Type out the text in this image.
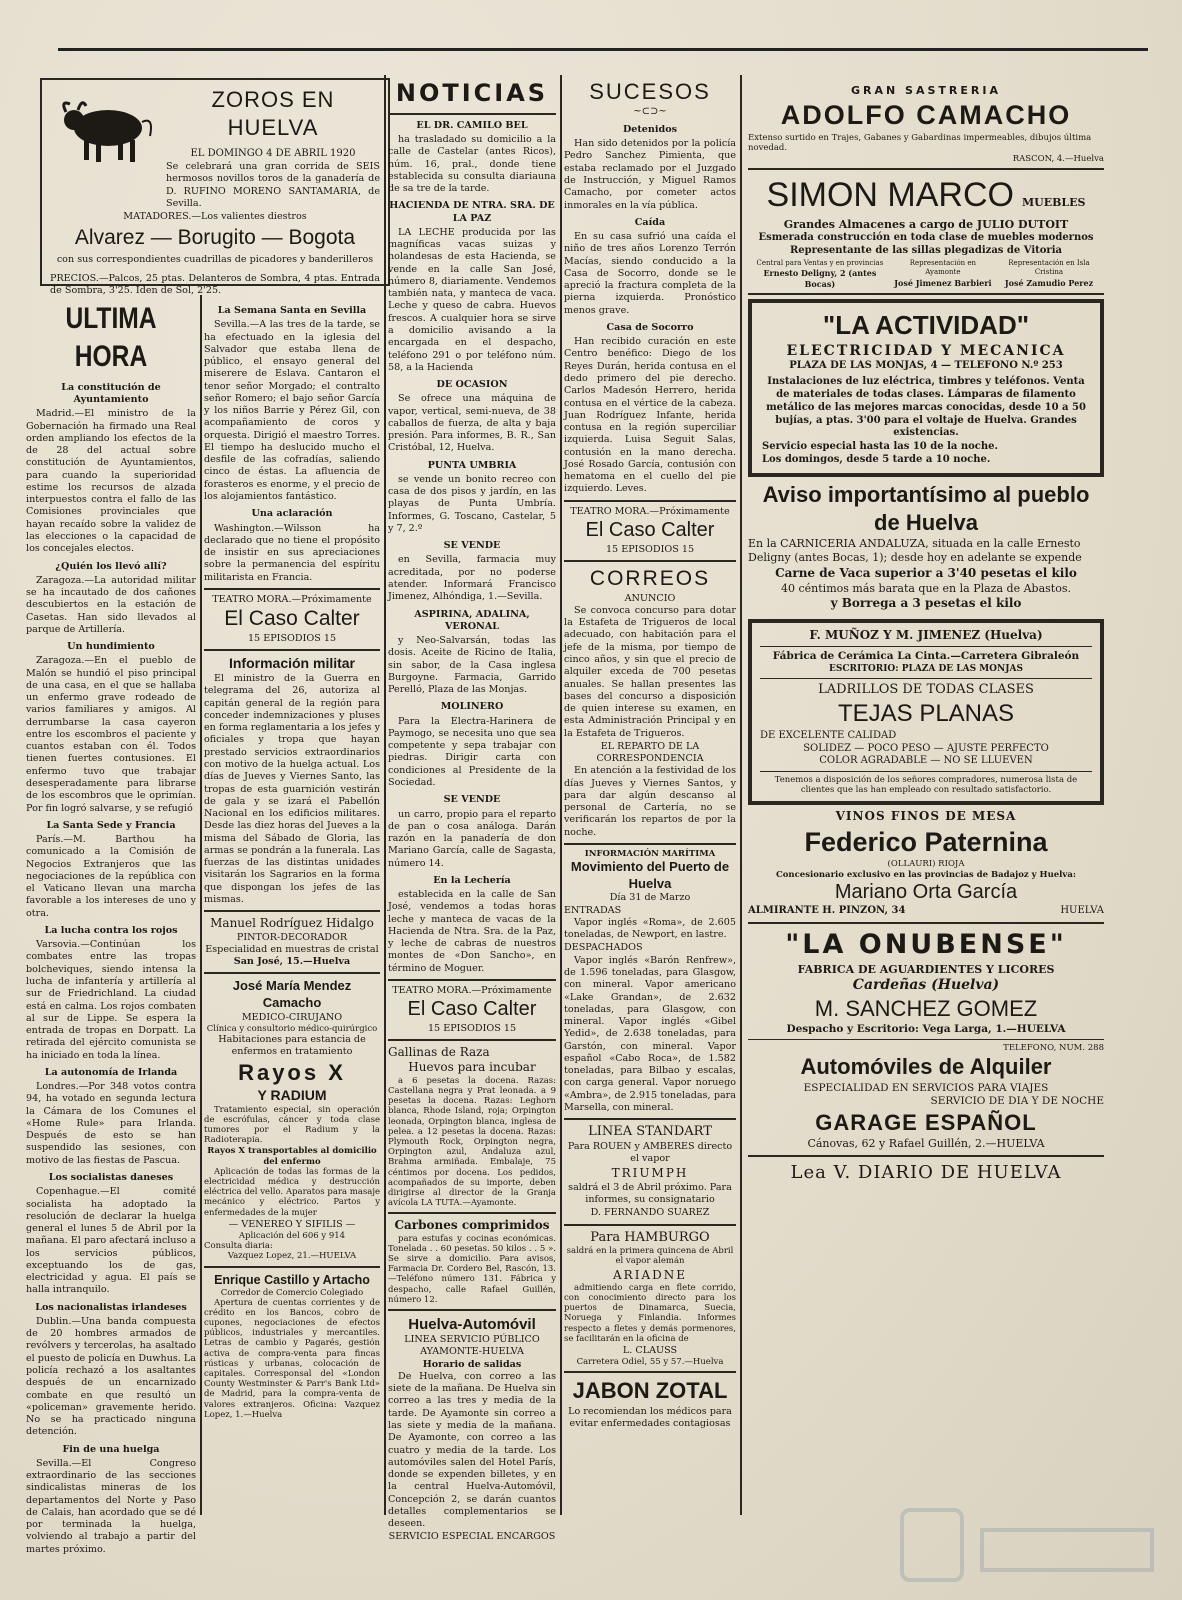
ZOROS EN HUELVA
EL DOMINGO 4 DE ABRIL 1920

Se celebrará una gran corrida de SEIS hermosos novillos toros de la ganadería de D. RUFINO MORENO SANTAMARIA, de Sevilla.

MATADORES.—Los valientes diestros
Alvarez — Borugito — Bogota
con sus correspondientes cuadrillas de picadores y banderilleros

PRECIOS.—Palcos, 25 ptas. Delanteros de Sombra, 4 ptas. Entrada de Sombra, 3'25. Iden de Sol, 2'25.

ULTIMA HORA
La constitución de Ayuntamiento

Madrid.—El ministro de la Gobernación ha firmado una Real orden ampliando los efectos de la de 28 del actual sobre constitución de Ayuntamientos, para cuando la superioridad estime los recursos de alzada interpuestos contra el fallo de las Comisiones provinciales que hayan recaído sobre la validez de las elecciones o la capacidad de los concejales electos.

¿Quién los llevó allí?

Zaragoza.—La autoridad militar se ha incautado de dos cañones descubiertos en la estación de Casetas. Han sido llevados al parque de Artillería.

Un hundimiento

Zaragoza.—En el pueblo de Malón se hundió el piso principal de una casa, en el que se hallaba un enfermo grave rodeado de varios familiares y amigos. Al derrumbarse la casa cayeron entre los escombros el paciente y cuantos estaban con él. Todos tienen fuertes contusiones. El enfermo tuvo que trabajar desesperadamente para librarse de los escombros que le oprimían. Por fin logró salvarse, y se refugió

La Santa Sede y Francia

París.—M. Barthou ha comunicado a la Comisión de Negocios Extranjeros que las negociaciones de la república con el Vaticano llevan una marcha favorable a los intereses de uno y otra.

La lucha contra los rojos

Varsovia.—Continúan los combates entre las tropas bolcheviques, siendo intensa la lucha de infantería y artillería al sur de Friedrichland. La ciudad está en calma. Los rojos combaten al sur de Lippe. Se espera la entrada de tropas en Dorpatt. La retirada del ejército comunista se ha iniciado en toda la línea.

La autonomía de Irlanda

Londres.—Por 348 votos contra 94, ha votado en segunda lectura la Cámara de los Comunes el «Home Rule» para Irlanda. Después de esto se han suspendido las sesiones, con motivo de las fiestas de Pascua.

Los socialistas daneses

Copenhague.—El comité socialista ha adoptado la resolución de declarar la huelga general el lunes 5 de Abril por la mañana. El paro afectará incluso a los servicios públicos, exceptuando los de gas, electricidad y agua. El país se halla intranquilo.

Los nacionalistas irlandeses

Dublin.—Una banda compuesta de 20 hombres armados de revólvers y tercerolas, ha asaltado el puesto de policía en Duwhus. La policía rechazó a los asaltantes después de un encarnizado combate en que resultó un «policeman» gravemente herido. No se ha practicado ninguna detención.

Fin de una huelga

Sevilla.—El Congreso extraordinario de las secciones sindicalistas mineras de los departamentos del Norte y Paso de Calais, han acordado que se dé por terminada la huelga, volviendo al trabajo a partir del martes próximo.

La Semana Santa en Sevilla

Sevilla.—A las tres de la tarde, se ha efectuado en la iglesia del Salvador que estaba llena de público, el ensayo general del miserere de Eslava. Cantaron el tenor señor Morgado; el contralto señor Romero; el bajo señor García y los niños Barrie y Pérez Gil, con acompañamiento de coros y orquesta. Dirigió el maestro Torres. El tiempo ha deslucido mucho el desfile de las cofradías, saliendo cinco de éstas. La afluencia de forasteros es enorme, y el precio de los alojamientos fantástico.

Una aclaración

Washington.—Wilsson ha declarado que no tiene el propósito de insistir en sus apreciaciones sobre la permanencia del espíritu militarista en Francia.

TEATRO MORA.—Próximamente
El Caso Calter
15 EPISODIOS 15
Información militar

El ministro de la Guerra en telegrama del 26, autoriza al capitán general de la región para conceder indemnizaciones y pluses en forma reglamentaria a los jefes y oficiales y tropa que hayan prestado servicios extraordinarios con motivo de la huelga actual. Los días de Jueves y Viernes Santo, las tropas de esta guarnición vestirán de gala y se izará el Pabellón Nacional en los edificios militares. Desde las diez horas del Jueves a la misma del Sábado de Gloria, las armas se pondrán a la funerala. Las fuerzas de las distintas unidades visitarán los Sagrarios en la forma que dispongan los jefes de las mismas.

Manuel Rodríguez Hidalgo
PINTOR-DECORADOR
Especialidad en muestras de cristal
San José, 15.—Huelva
José María Mendez Camacho
MEDICO-CIRUJANO
Clínica y consultorio médico-quirúrgico
Habitaciones para estancia de enfermos en tratamiento
Rayos X
Y RADIUM

Tratamiento especial, sin operación de escrófulas, cáncer y toda clase tumores por el Radium y la Radioterapia.

Rayos X transportables al domicilio del enfermo

Aplicación de todas las formas de la electricidad médica y destrucción eléctrica del vello. Aparatos para masaje mecánico y eléctrico. Partos y enfermedades de la mujer

— VENEREO Y SIFILIS —
Aplicación del 606 y 914
Consulta diaria:
Vazquez Lopez, 21.—HUELVA
Enrique Castillo y Artacho
Corredor de Comercio Colegiado

Apertura de cuentas corrientes y de crédito en los Bancos, cobro de cupones, negociaciones de efectos públicos, industriales y mercantiles. Letras de cambio y Pagarés, gestión activa de compra-venta para fincas rústicas y urbanas, colocación de capitales. Corresponsal del «London County Westminster & Parr's Bank Ltd» de Madrid, para la compra-venta de valores extranjeros. Oficina: Vazquez Lopez, 1.—Huelva

NOTICIAS
EL DR. CAMILO BEL

ha trasladado su domicilio a la calle de Castelar (antes Ricos), núm. 16, pral., donde tiene establecida su consulta diariauna de sa tre de la tarde.

HACIENDA DE NTRA. SRA. DE LA PAZ

LA LECHE producida por las magníficas vacas suizas y holandesas de esta Hacienda, se vende en la calle San José, número 8, diariamente. Vendemos también nata, y manteca de vaca. Leche y queso de cabra. Huevos frescos. A cualquier hora se sirve a domicilio avisando a la encargada en el despacho, teléfono 291 o por teléfono núm. 58, a la Hacienda

DE OCASION

Se ofrece una máquina de vapor, vertical, semi-nueva, de 38 caballos de fuerza, de alta y baja presión. Para informes, B. R., San Cristóbal, 12, Huelva.

PUNTA UMBRIA

se vende un bonito recreo con casa de dos pisos y jardín, en las playas de Punta Umbría. Informes, G. Toscano, Castelar, 5 y 7, 2.º

SE VENDE

en Sevilla, farmacia muy acreditada, por no poderse atender. Informará Francisco Jimenez, Alhóndiga, 1.—Sevilla.

ASPIRINA, ADALINA, VERONAL

y Neo-Salvarsán, todas las dosis. Aceite de Ricino de Italia, sin sabor, de la Casa inglesa Burgoyne. Farmacia, Garrido Perelló, Plaza de las Monjas.

MOLINERO

Para la Electra-Harinera de Paymogo, se necesita uno que sea competente y sepa trabajar con piedras. Dirigir carta con condiciones al Presidente de la Sociedad.

SE VENDE

un carro, propio para el reparto de pan o cosa análoga. Darán razón en la panadería de don Mariano García, calle de Sagasta, número 14.

En la Lechería

establecida en la calle de San José, vendemos a todas horas leche y manteca de vacas de la Hacienda de Ntra. Sra. de la Paz, y leche de cabras de nuestros montes de «Don Sancho», en término de Moguer.

TEATRO MORA.—Próximamente
El Caso Calter
15 EPISODIOS 15
Gallinas de Raza
Huevos para incubar

a 6 pesetas la docena. Razas: Castellana negra y Prat leonada. a 9 pesetas la docena. Razas: Leghorn blanca, Rhode Island, roja; Orpington leonada, Orpington blanca, inglesa de pelea. a 12 pesetas la docena. Razas: Plymouth Rock, Orpington negra, Orpington azul, Andaluza azul, Brahma armiñada. Embalaje, 75 céntimos por docena. Los pedidos, acompañados de su importe, deben dirigirse al director de la Granja avícola LA TUTA.—Ayamonte.

Carbones comprimidos

para estufas y cocinas económicas. Tonelada . . 60 pesetas. 50 kilos . . 5 ». Se sirve a domicilio. Para avisos, Farmacia Dr. Cordero Bel, Rascón, 13.—Teléfono número 131. Fábrica y despacho, calle Rafael Guillén, número 12.

Huelva-Automóvil
LINEA SERVICIO PÚBLICO AYAMONTE-HUELVA
Horario de salidas

De Huelva, con correo a las siete de la mañana. De Huelva sin correo a las tres y media de la tarde. De Ayamonte sin correo a las siete y media de la mañana. De Ayamonte, con correo a las cuatro y media de la tarde. Los automóviles salen del Hotel París, donde se expenden billetes, y en la central Huelva-Automóvil, Concepción 2, se darán cuantos detalles complementarios se deseen.

SERVICIO ESPECIAL ENCARGOS
SUCESOS
~⊂⊃~
Detenidos

Han sido detenidos por la policía Pedro Sanchez Pimienta, que estaba reclamado por el Juzgado de Instrucción, y Miguel Ramos Camacho, por cometer actos inmorales en la vía pública.

Caída

En su casa sufrió una caída el niño de tres años Lorenzo Terrón Macías, siendo conducido a la Casa de Socorro, donde se le apreció la fractura completa de la pierna izquierda. Pronóstico menos grave.

Casa de Socorro

Han recibido curación en este Centro benéfico: Diego de los Reyes Durán, herida contusa en el dedo primero del pie derecho. Carlos Madesón Herrero, herida contusa en el vértice de la cabeza. Juan Rodríguez Infante, herida contusa en la región superciliar izquierda. Luisa Seguit Salas, contusión en la mano derecha. José Rosado García, contusión con hematoma en el cuello del pie izquierdo. Leves.

TEATRO MORA.—Próximamente
El Caso Calter
15 EPISODIOS 15
CORREOS
ANUNCIO

Se convoca concurso para dotar la Estafeta de Trigueros de local adecuado, con habitación para el jefe de la misma, por tiempo de cinco años, y sin que el precio de alquiler exceda de 700 pesetas anuales. Se hallan presentes las bases del concurso a disposición de quien interese su examen, en esta Administración Principal y en la Estafeta de Trigueros.

EL REPARTO DE LA CORRESPONDENCIA

En atención a la festividad de los días Jueves y Viernes Santos, y para dar algún descanso al personal de Cartería, no se verificarán los repartos de por la noche.

INFORMACIÓN MARÍTIMA
Movimiento del Puerto de Huelva
Día 31 de Marzo
ENTRADAS

Vapor inglés «Roma», de 2.605 toneladas, de Newport, en lastre.

DESPACHADOS

Vapor inglés «Barón Renfrew», de 1.596 toneladas, para Glasgow, con mineral. Vapor americano «Lake Grandan», de 2.632 toneladas, para Glasgow, con mineral. Vapor inglés «Gibel Yedid», de 2.638 toneladas, para Garstón, con mineral. Vapor español «Cabo Roca», de 1.582 toneladas, para Bilbao y escalas, con carga general. Vapor noruego «Ambra», de 2.915 toneladas, para Marsella, con mineral.

LINEA STANDART

Para ROUEN y AMBERES directo el vapor

TRIUMPH

saldrá el 3 de Abril próximo. Para informes, su consignatario

D. FERNANDO SUAREZ
Para HAMBURGO

saldrá en la primera quincena de Abril el vapor alemán

ARIADNE

admitiendo carga en flete corrido, con conocimiento directo para los puertos de Dinamarca, Suecia, Noruega y Finlandia. Informes respecto a fletes y demás pormenores, se facilitarán en la oficina de

L. CLAUSS
Carretera Odiel, 55 y 57.—Huelva
JABON ZOTAL

Lo recomiendan los médicos para evitar enfermedades contagiosas

GRAN SASTRERIA
ADOLFO CAMACHO

Extenso surtido en Trajes, Gabanes y Gabardinas impermeables, dibujos última novedad.

RASCON, 4.—Huelva
SIMON MARCO MUEBLES
Grandes Almacenes a cargo de JULIO DUTOIT
Esmerada construcción en toda clase de muebles modernos
Representante de las sillas plegadizas de Vitoria
Central para Ventas y en provincias
Ernesto Deligny, 2 (antes Bocas)
Representación en Ayamonte
José Jimenez Barbieri
Representación en Isla Cristina
José Zamudio Perez
"LA ACTIVIDAD"
ELECTRICIDAD Y MECANICA
PLAZA DE LAS MONJAS, 4 — TELEFONO N.º 253

Instalaciones de luz eléctrica, timbres y teléfonos. Venta de materiales de todas clases. Lámparas de filamento metálico de las mejores marcas conocidas, desde 10 a 50 bujías, a ptas. 3'00 para el voltaje de Huelva. Grandes existencias.

Servicio especial hasta las 10 de la noche.
Los domingos, desde 5 tarde a 10 noche.
Aviso importantísimo al pueblo de Huelva

En la CARNICERIA ANDALUZA, situada en la calle Ernesto Deligny (antes Bocas, 1); desde hoy en adelante se expende

Carne de Vaca superior a 3'40 pesetas el kilo
40 céntimos más barata que en la Plaza de Abastos.
y Borrega a 3 pesetas el kilo
F. MUÑOZ Y M. JIMENEZ (Huelva)
Fábrica de Cerámica La Cinta.—Carretera Gibraleón
ESCRITORIO: PLAZA DE LAS MONJAS
LADRILLOS DE TODAS CLASES
TEJAS PLANAS
DE EXCELENTE CALIDAD
SOLIDEZ — POCO PESO — AJUSTE PERFECTO
COLOR AGRADABLE — NO SE LLUEVEN

Tenemos a disposición de los señores compradores, numerosa lista de clientes que las han empleado con resultado satisfactorio.

VINOS FINOS DE MESA
Federico Paternina
(OLLAURI) RIOJA
Concesionario exclusivo en las provincias de Badajoz y Huelva:
Mariano Orta García
ALMIRANTE H. PINZON, 34	HUELVA
"LA ONUBENSE"
FABRICA DE AGUARDIENTES Y LICORES
Cardeñas (Huelva)
M. SANCHEZ GOMEZ
Despacho y Escritorio: Vega Larga, 1.—HUELVA
TELEFONO, NUM. 288
Automóviles de Alquiler
ESPECIALIDAD EN SERVICIOS PARA VIAJES
SERVICIO DE DIA Y DE NOCHE
GARAGE ESPAÑOL
Cánovas, 62 y Rafael Guillén, 2.—HUELVA
Lea V. DIARIO DE HUELVA
